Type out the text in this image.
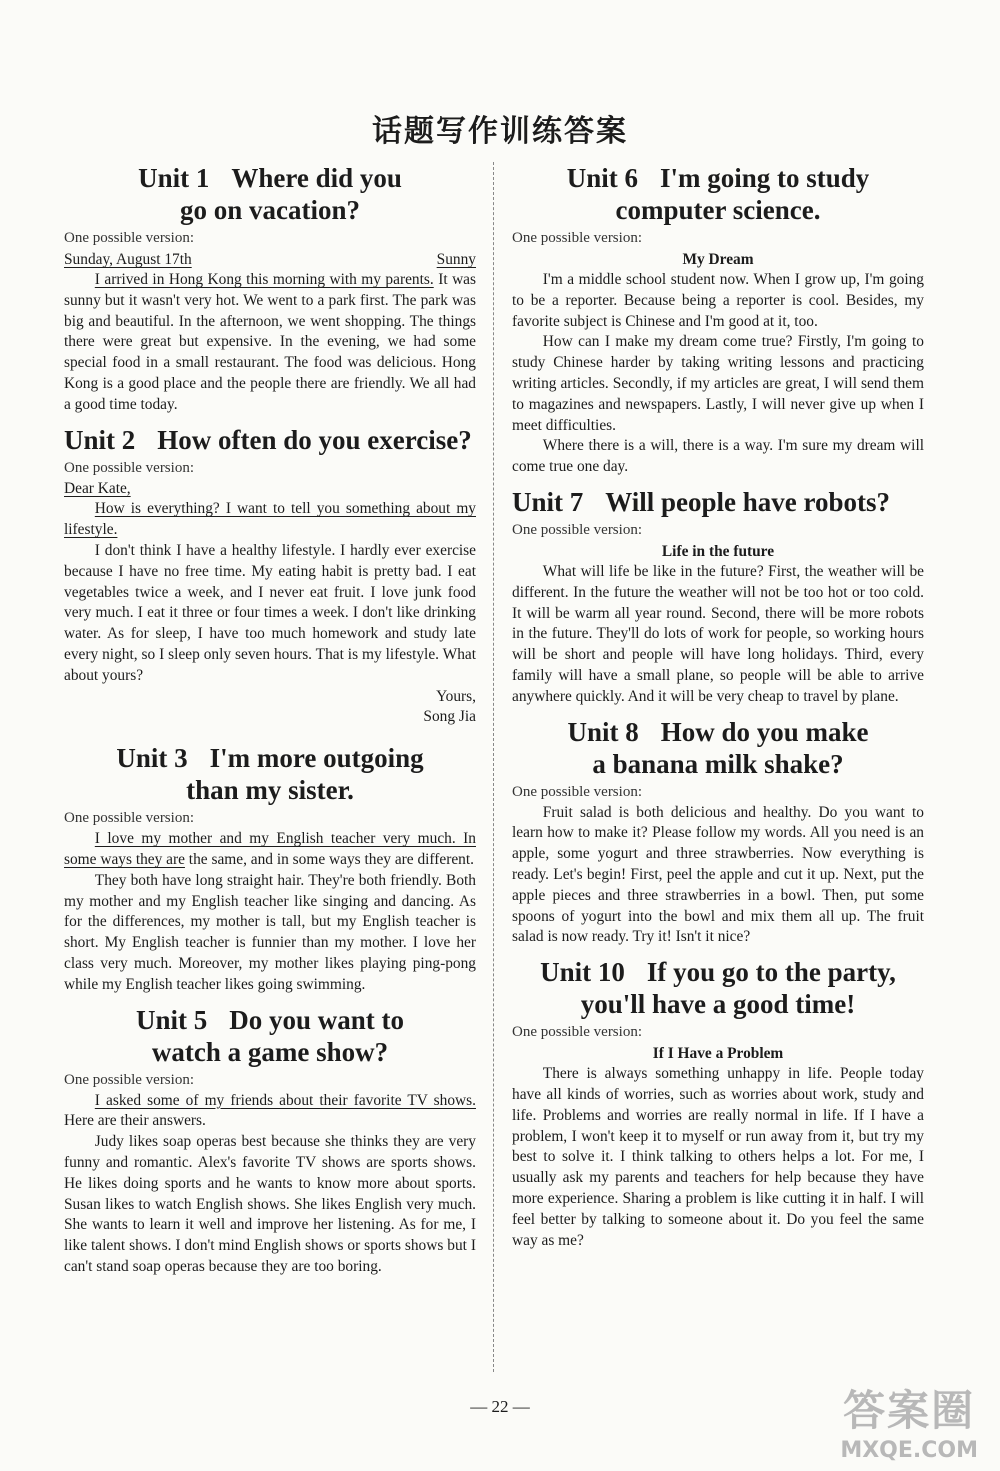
话题写作训练答案
Unit 1 Where did you
go on vacation?
One possible version:
Sunday, August 17th	Sunny

I arrived in Hong Kong this morning with my parents. It was sunny but it wasn't very hot. We went to a park first. The park was big and beautiful. In the afternoon, we went shopping. The things there were great but expensive. In the evening, we had some special food in a small restaurant. The food was delicious. Hong Kong is a good place and the people there are friendly. We all had a good time today.

Unit 2 How often do you exercise?
One possible version:

Dear Kate,

How is everything? I want to tell you something about my lifestyle.

I don't think I have a healthy lifestyle. I hardly ever exercise because I have no free time. My eating habit is pretty bad. I eat vegetables twice a week, and I never eat fruit. I love junk food very much. I eat it three or four times a week. I don't like drinking water. As for sleep, I have too much homework and study late every night, so I sleep only seven hours. That is my lifestyle. What about yours?

Yours,
Song Jia
Unit 3 I'm more outgoing
than my sister.
One possible version:

I love my mother and my English teacher very much. In some ways they are the same, and in some ways they are different.

They both have long straight hair. They're both friendly. Both my mother and my English teacher like singing and dancing. As for the differences, my mother is tall, but my English teacher is short. My English teacher is funnier than my mother. I love her class very much. Moreover, my mother likes playing ping-pong while my English teacher likes going swimming.

Unit 5 Do you want to
watch a game show?
One possible version:

I asked some of my friends about their favorite TV shows. Here are their answers.

Judy likes soap operas best because she thinks they are very funny and romantic. Alex's favorite TV shows are sports shows. He likes doing sports and he wants to know more about sports. Susan likes to watch English shows. She likes English very much. She wants to learn it well and improve her listening. As for me, I like talent shows. I don't mind English shows or sports shows but I can't stand soap operas because they are too boring.

Unit 6 I'm going to study
computer science.
One possible version:
My Dream

I'm a middle school student now. When I grow up, I'm going to be a reporter. Because being a reporter is cool. Besides, my favorite subject is Chinese and I'm good at it, too.

How can I make my dream come true? Firstly, I'm going to study Chinese harder by taking writing lessons and practicing writing articles. Secondly, if my articles are great, I will send them to magazines and newspapers. Lastly, I will never give up when I meet difficulties.

Where there is a will, there is a way. I'm sure my dream will come true one day.

Unit 7 Will people have robots?
One possible version:
Life in the future

What will life be like in the future? First, the weather will be different. In the future the weather will not be too hot or too cold. It will be warm all year round. Second, there will be more robots in the future. They'll do lots of work for people, so working hours will be short and people will have long holidays. Third, every family will have a small plane, so people will be able to arrive anywhere quickly. And it will be very cheap to travel by plane.

Unit 8 How do you make
a banana milk shake?
One possible version:

Fruit salad is both delicious and healthy. Do you want to learn how to make it? Please follow my words. All you need is an apple, some yogurt and three strawberries. Now everything is ready. Let's begin! First, peel the apple and cut it up. Next, put the apple pieces and three strawberries in a bowl. Then, put some spoons of yogurt into the bowl and mix them all up. The fruit salad is now ready. Try it! Isn't it nice?

Unit 10 If you go to the party,
you'll have a good time!
One possible version:
If I Have a Problem

There is always something unhappy in life. People today have all kinds of worries, such as worries about work, study and life. Problems and worries are really normal in life. If I have a problem, I won't keep it to myself or run away from it, but try my best to solve it. I think talking to others helps a lot. For me, I usually ask my parents and teachers for help because they have more experience. Sharing a problem is like cutting it in half. I will feel better by talking to someone about it. Do you feel the same way as me?

— 22 —	答案圈
MXQE.COM
